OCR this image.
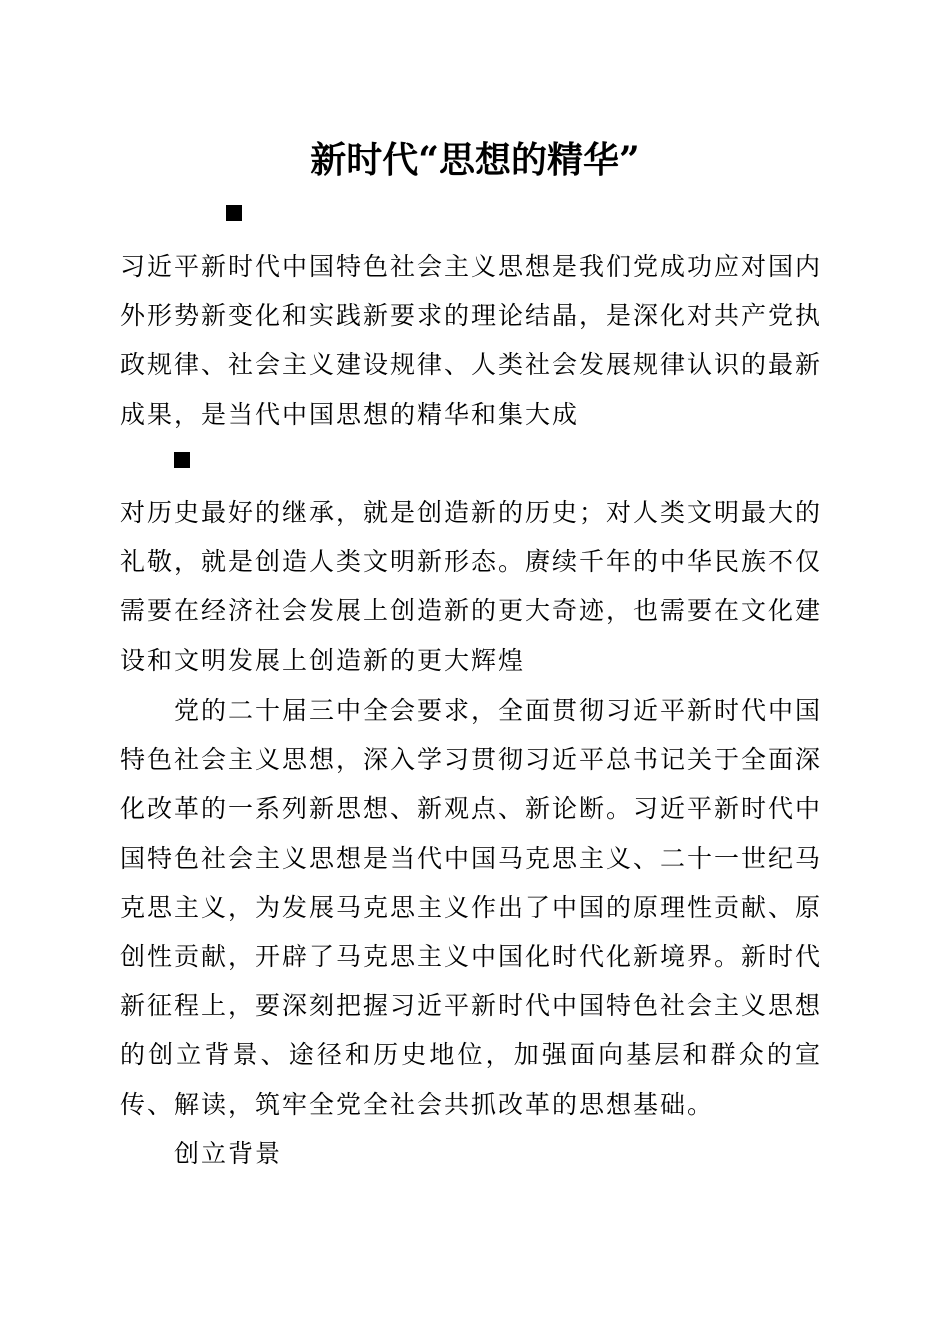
新时代“思想的精华”

习近平新时代中国特色社会主义思想是我们党成功应对国内外形势新变化和实践新要求的理论结晶，是深化对共产党执政规律、社会主义建设规律、人类社会发展规律认识的最新成果，是当代中国思想的精华和集大成

对历史最好的继承，就是创造新的历史；对人类文明最大的礼敬，就是创造人类文明新形态。赓续千年的中华民族不仅需要在经济社会发展上创造新的更大奇迹，也需要在文化建设和文明发展上创造新的更大辉煌

党的二十届三中全会要求，全面贯彻习近平新时代中国特色社会主义思想，深入学习贯彻习近平总书记关于全面深化改革的一系列新思想、新观点、新论断。习近平新时代中国特色社会主义思想是当代中国马克思主义、二十一世纪马克思主义，为发展马克思主义作出了中国的原理性贡献、原创性贡献，开辟了马克思主义中国化时代化新境界。新时代新征程上，要深刻把握习近平新时代中国特色社会主义思想的创立背景、途径和历史地位，加强面向基层和群众的宣传、解读，筑牢全党全社会共抓改革的思想基础。

创立背景
